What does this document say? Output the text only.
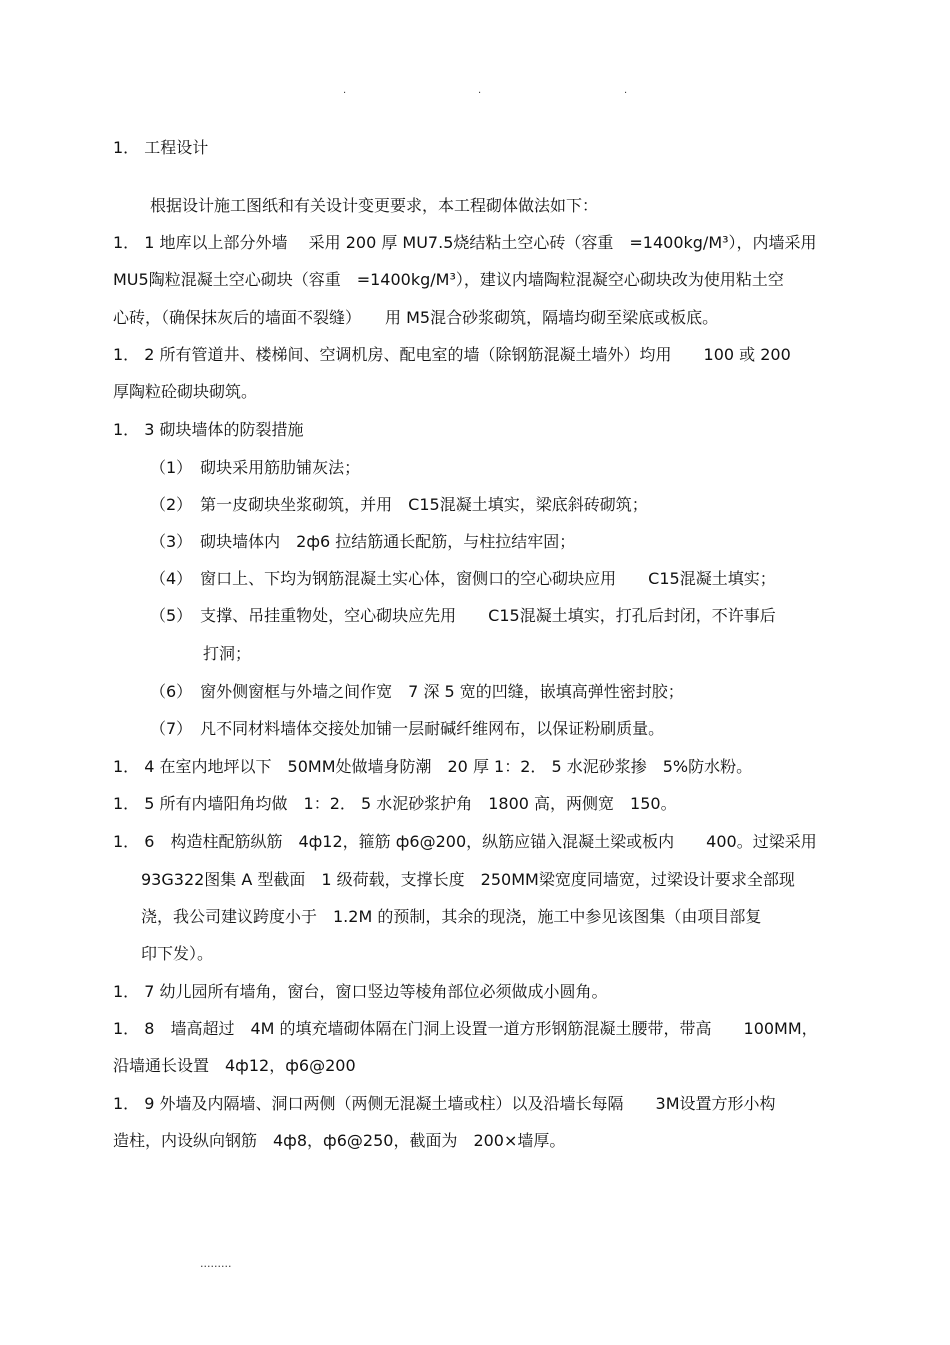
.	.	.
1． 工程设计
根据设计施工图纸和有关设计变更要求，本工程砌体做法如下：
1． 1 地库以上部分外墙　 采用 200 厚 MU7.5烧结粘土空心砖（容重　=1400kg/M³），内墙采用
MU5陶粒混凝土空心砌块（容重　=1400kg/M³），建议内墙陶粒混凝空心砌块改为使用粘土空
心砖，（确保抹灰后的墙面不裂缝）　　用 M5混合砂浆砌筑，隔墙均砌至梁底或板底。
1． 2 所有管道井、楼梯间、空调机房、配电室的墙（除钢筋混凝土墙外）均用　　100 或 200
厚陶粒砼砌块砌筑。
1． 3 砌块墙体的防裂措施
（1）　砌块采用筋肋铺灰法；
（2）　第一皮砌块坐浆砌筑，并用　C15混凝土填实，梁底斜砖砌筑；
（3）　砌块墙体内　2ф6 拉结筋通长配筋，与柱拉结牢固；
（4）　窗口上、下均为钢筋混凝土实心体，窗侧口的空心砌块应用　　C15混凝土填实；
（5）　支撑、吊挂重物处，空心砌块应先用　　C15混凝土填实，打孔后封闭，不许事后
打洞；
（6）　窗外侧窗框与外墙之间作宽　7 深 5 宽的凹缝，嵌填高弹性密封胶；
（7）　凡不同材料墙体交接处加铺一层耐碱纤维网布，以保证粉刷质量。
1． 4 在室内地坪以下　50MM处做墙身防潮　20 厚 1：2． 5 水泥砂浆掺　5%防水粉。
1． 5 所有内墙阳角均做　1：2． 5 水泥砂浆护角　1800 高，两侧宽　150。
1． 6　构造柱配筋纵筋　4ф12，箍筋 ф6@200，纵筋应锚入混凝土梁或板内　　400。过梁采用
93G322图集 A 型截面　1 级荷载，支撑长度　250MM梁宽度同墙宽，过梁设计要求全部现
浇，我公司建议跨度小于　1.2M 的预制，其余的现浇，施工中参见该图集（由项目部复
印下发）。
1． 7 幼儿园所有墙角，窗台，窗口竖边等棱角部位必须做成小圆角。
1． 8　墙高超过　4M 的填充墙砌体隔在门洞上设置一道方形钢筋混凝土腰带，带高　　100MM，
沿墙通长设置　4ф12，ф6@200
1． 9 外墙及内隔墙、洞口两侧（两侧无混凝土墙或柱）以及沿墙长每隔　　3M设置方形小构
造柱，内设纵向钢筋　4ф8，ф6@250，截面为　200×墙厚。
.........
